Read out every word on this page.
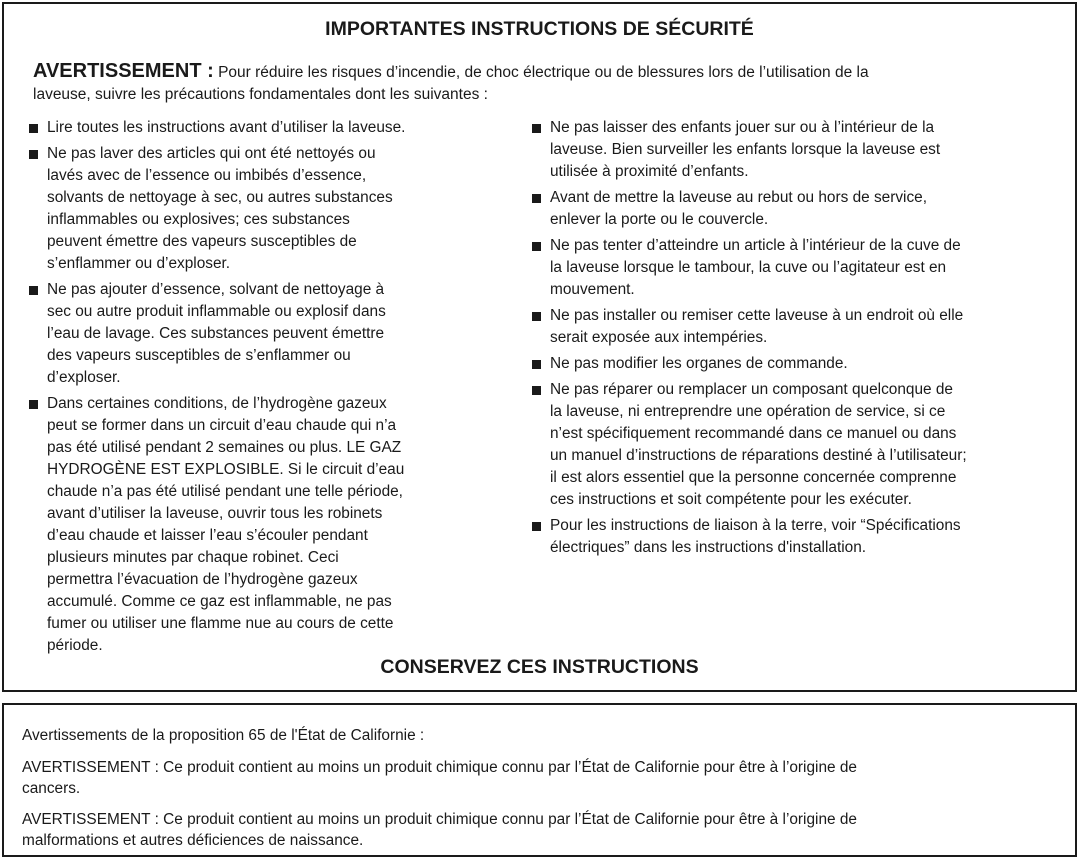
IMPORTANTES INSTRUCTIONS DE SÉCURITÉ

AVERTISSEMENT : Pour réduire les risques d’incendie, de choc électrique ou de blessures lors de l’utilisation de la
laveuse, suivre les précautions fondamentales dont les suivantes :

Lire toutes les instructions avant d’utiliser la laveuse.
Ne pas laver des articles qui ont été nettoyés ou
lavés avec de l’essence ou imbibés d’essence,
solvants de nettoyage à sec, ou autres substances
inflammables ou explosives; ces substances
peuvent émettre des vapeurs susceptibles de
s’enflammer ou d’exploser.
Ne pas ajouter d’essence, solvant de nettoyage à
sec ou autre produit inflammable ou explosif dans
l’eau de lavage. Ces substances peuvent émettre
des vapeurs susceptibles de s’enflammer ou
d’exploser.
Dans certaines conditions, de l’hydrogène gazeux
peut se former dans un circuit d’eau chaude qui n’a
pas été utilisé pendant 2 semaines ou plus. LE GAZ
HYDROGÈNE EST EXPLOSIBLE. Si le circuit d’eau
chaude n’a pas été utilisé pendant une telle période,
avant d’utiliser la laveuse, ouvrir tous les robinets
d’eau chaude et laisser l’eau s’écouler pendant
plusieurs minutes par chaque robinet. Ceci
permettra l’évacuation de l’hydrogène gazeux
accumulé. Comme ce gaz est inflammable, ne pas
fumer ou utiliser une flamme nue au cours de cette
période.
Ne pas laisser des enfants jouer sur ou à l’intérieur de la
laveuse. Bien surveiller les enfants lorsque la laveuse est
utilisée à proximité d’enfants.
Avant de mettre la laveuse au rebut ou hors de service,
enlever la porte ou le couvercle.
Ne pas tenter d’atteindre un article à l’intérieur de la cuve de
la laveuse lorsque le tambour, la cuve ou l’agitateur est en
mouvement.
Ne pas installer ou remiser cette laveuse à un endroit où elle
serait exposée aux intempéries.
Ne pas modifier les organes de commande.
Ne pas réparer ou remplacer un composant quelconque de
la laveuse, ni entreprendre une opération de service, si ce
n’est spécifiquement recommandé dans ce manuel ou dans
un manuel d’instructions de réparations destiné à l’utilisateur;
il est alors essentiel que la personne concernée comprenne
ces instructions et soit compétente pour les exécuter.
Pour les instructions de liaison à la terre, voir “Spécifications
électriques” dans les instructions d'installation.
CONSERVEZ CES INSTRUCTIONS

Avertissements de la proposition 65 de l'État de Californie :

AVERTISSEMENT : Ce produit contient au moins un produit chimique connu par l’État de Californie pour être à l’origine de
cancers.

AVERTISSEMENT : Ce produit contient au moins un produit chimique connu par l’État de Californie pour être à l’origine de
malformations et autres déficiences de naissance.
